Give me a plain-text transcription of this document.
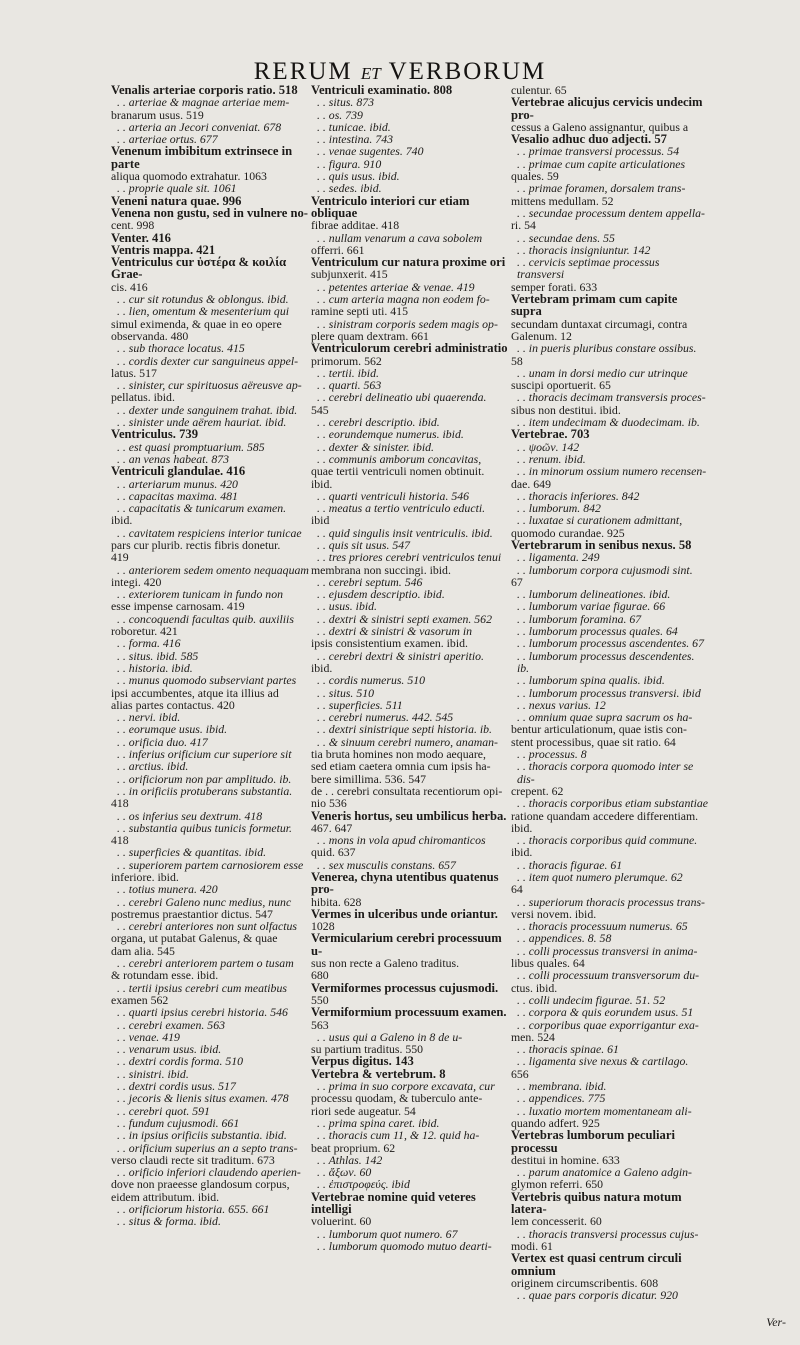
RERUM ET VERBORUM
Venalis arteriae corporis ratio. 518
. . arteriae & magnae arteriae mem-
branarum usus. 519
. . arteria an Jecori conveniat. 678
. . arteriae ortus. 677
Venenum imbibitum extrinsece in parte
aliqua quomodo extrahatur. 1063
. . proprie quale sit. 1061
Veneni natura quae. 996
Venena non gustu, sed in vulnere no-
cent. 998
Venter. 416
Ventris mappa. 421
Ventriculus cur ὑστέρα & κοιλία Grae-
cis. 416
. . cur sit rotundus & oblongus. ibid.
. . lien, omentum & mesenterium qui
simul eximenda, & quae in eo opere
observanda. 480
. . sub thorace locatus. 415
. . cordis dexter cur sanguineus appel-
latus. 517
. . sinister, cur spirituosus aëreusve ap-
pellatus. ibid.
. . dexter unde sanguinem trahat. ibid.
. . sinister unde aërem hauriat. ibid.
Ventriculus. 739
. . est quasi promptuarium. 585
. . an venas habeat. 873
Ventriculi glandulae. 416
. . arteriarum munus. 420
. . capacitas maxima. 481
. . capacitatis & tunicarum examen.
ibid.
. . cavitatem respiciens interior tunicae
pars cur plurib. rectis fibris donetur.
419
. . anteriorem sedem omento nequaquam
integi. 420
. . exteriorem tunicam in fundo non
esse impense carnosam. 419
. . concoquendi facultas quib. auxiliis
roboretur. 421
. . forma. 416
. . situs. ibid. 585
. . historia. ibid.
. . munus quomodo subserviant partes
ipsi accumbentes, atque ita illius ad
alias partes contactus. 420
. . nervi. ibid.
. . eorumque usus. ibid.
. . orificia duo. 417
. . inferius orificium cur superiore sit
. . arctius. ibid.
. . orificiorum non par amplitudo. ib.
. . in orificiis protuberans substantia.
418
. . os inferius seu dextrum. 418
. . substantia quibus tunicis formetur.
418
. . superficies & quantitas. ibid.
. . superiorem partem carnosiorem esse
inferiore. ibid.
. . totius munera. 420
. . cerebri Galeno nunc medius, nunc
postremus praestantior dictus. 547
. . cerebri anteriores non sunt olfactus
organa, ut putabat Galenus, & quae
dam alia. 545
. . cerebri anteriorem partem o tusam
& rotundam esse. ibid.
. . tertii ipsius cerebri cum meatibus
examen 562
. . quarti ipsius cerebri historia. 546
. . cerebri examen. 563
. . venae. 419
. . venarum usus. ibid.
. . dextri cordis forma. 510
. . sinistri. ibid.
. . dextri cordis usus. 517
. . jecoris & lienis situs examen. 478
. . cerebri quot. 591
. . fundum cujusmodi. 661
. . in ipsius orificiis substantia. ibid.
. . orificium superius an a septo trans-
verso claudi recte sit traditum. 673
. . orificio inferiori claudendo aperien-
dove non praeesse glandosum corpus,
eidem attributum. ibid.
. . orificiorum historia. 655. 661
. . situs & forma. ibid.
Ventriculi examinatio. 808
. . situs. 873
. . os. 739
. . tunicae. ibid.
. . intestina. 743
. . venae sugentes. 740
. . figura. 910
. . quis usus. ibid.
. . sedes. ibid.
Ventriculo interiori cur etiam obliquae
fibrae additae. 418
. . nullam venarum a cava sobolem
offerri. 661
Ventriculum cur natura proxime ori
subjunxerit. 415
. . petentes arteriae & venae. 419
. . cum arteria magna non eodem fo-
ramine septi uti. 415
. . sinistram corporis sedem magis op-
plere quam dextram. 661
Ventriculorum cerebri administratio
primorum. 562
. . tertii. ibid.
. . quarti. 563
. . cerebri delineatio ubi quaerenda.
545
. . cerebri descriptio. ibid.
. . eorundemque numerus. ibid.
. . dexter & sinister. ibid.
. . communis amborum concavitas,
quae tertii ventriculi nomen obtinuit.
ibid.
. . quarti ventriculi historia. 546
. . meatus a tertio ventriculo educti.
ibid
. . quid singulis insit ventriculis. ibid.
. . quis sit usus. 547
. . tres priores cerebri ventriculos tenui
membrana non succingi. ibid.
. . cerebri septum. 546
. . ejusdem descriptio. ibid.
. . usus. ibid.
. . dextri & sinistri septi examen. 562
. . dextri & sinistri & vasorum in
ipsis consistentium examen. ibid.
. . cerebri dextri & sinistri aperitio.
ibid.
. . cordis numerus. 510
. . situs. 510
. . superficies. 511
. . cerebri numerus. 442. 545
. . dextri sinistrique septi historia. ib.
. . & sinuum cerebri numero, anaman-
tia bruta homines non modo aequare,
sed etiam caetera omnia cum ipsis ha-
bere simillima. 536. 547
de . . cerebri consultata recentiorum opi-
nio 536
Veneris hortus, seu umbilicus herba.
467. 647
. . mons in vola apud chiromanticos
quid. 637
. . sex musculis constans. 657
Venerea, chyna utentibus quatenus pro-
hibita. 628
Vermes in ulceribus unde oriantur.
1028
Vermicularium cerebri processuum u-
sus non recte a Galeno traditus.
680
Vermiformes processus cujusmodi.
550
Vermiformium processuum examen.
563
. . usus qui a Galeno in 8 de u-
su partium traditus. 550
Verpus digitus. 143
Vertebra & vertebrum. 8
. . prima in suo corpore excavata, cur
processu quodam, & tuberculo ante-
riori sede augeatur. 54
. . prima spina caret. ibid.
. . thoracis cum 11, & 12. quid ha-
beat proprium. 62
. . Athlas. 142
. . ἄξων. 60
. . ἐπιστροφεύς. ibid
Vertebrae nomine quid veteres intelligi
voluerint. 60
. . lumborum quot numero. 67
. . lumborum quomodo mutuo dearti-
culentur. 65
Vertebrae alicujus cervicis undecim pro-
cessus a Galeno assignantur, quibus a
Vesalio adhuc duo adjecti. 57
. . primae transversi processus. 54
. . primae cum capite articulationes
quales. 59
. . primae foramen, dorsalem trans-
mittens medullam. 52
. . secundae processum dentem appella-
ri. 54
. . secundae dens. 55
. . thoracis insigniuntur. 142
. . cervicis septimae processus transversi
semper forati. 633
Vertebram primam cum capite supra
secundam duntaxat circumagi, contra
Galenum. 12
. . in pueris pluribus constare ossibus.
58
. . unam in dorsi medio cur utrinque
suscipi oportuerit. 65
. . thoracis decimam transversis proces-
sibus non destitui. ibid.
. . item undecimam & duodecimam. ib.
Vertebrae. 703
. . ψοῶν. 142
. . renum. ibid.
. . in minorum ossium numero recensen-
dae. 649
. . thoracis inferiores. 842
. . lumborum. 842
. . luxatae si curationem admittant,
quomodo curandae. 925
Vertebrarum in senibus nexus. 58
. . ligamenta. 249
. . lumborum corpora cujusmodi sint.
67
. . lumborum delineationes. ibid.
. . lumborum variae figurae. 66
. . lumborum foramina. 67
. . lumborum processus quales. 64
. . lumborum processus ascendentes. 67
. . lumborum processus descendentes. ib.
. . lumborum spina qualis. ibid.
. . lumborum processus transversi. ibid
. . nexus varius. 12
. . omnium quae supra sacrum os ha-
bentur articulationum, quae istis con-
stent processibus, quae sit ratio. 64
. . processus. 8
. . thoracis corpora quomodo inter se dis-
crepent. 62
. . thoracis corporibus etiam substantiae
ratione quandam accedere differentiam.
ibid.
. . thoracis corporibus quid commune.
ibid.
. . thoracis figurae. 61
. . item quot numero plerumque. 62
64
. . superiorum thoracis processus trans-
versi novem. ibid.
. . thoracis processuum numerus. 65
. . appendices. 8. 58
. . colli processus transversi in anima-
libus quales. 64
. . colli processuum transversorum du-
ctus. ibid.
. . colli undecim figurae. 51. 52
. . corpora & quis eorundem usus. 51
. . corporibus quae exporrigantur exa-
men. 524
. . thoracis spinae. 61
. . ligamenta sive nexus & cartilago.
656
. . membrana. ibid.
. . appendices. 775
. . luxatio mortem momentaneam ali-
quando adfert. 925
Vertebras lumborum peculiari processu
destitui in homine. 633
. . parum anatomice a Galeno adgin-
glymon referri. 650
Vertebris quibus natura motum latera-
lem concesserit. 60
. . thoracis transversi processus cujus-
modi. 61
Vertex est quasi centrum circuli omnium
originem circumscribentis. 608
. . quae pars corporis dicatur. 920
Ver-
